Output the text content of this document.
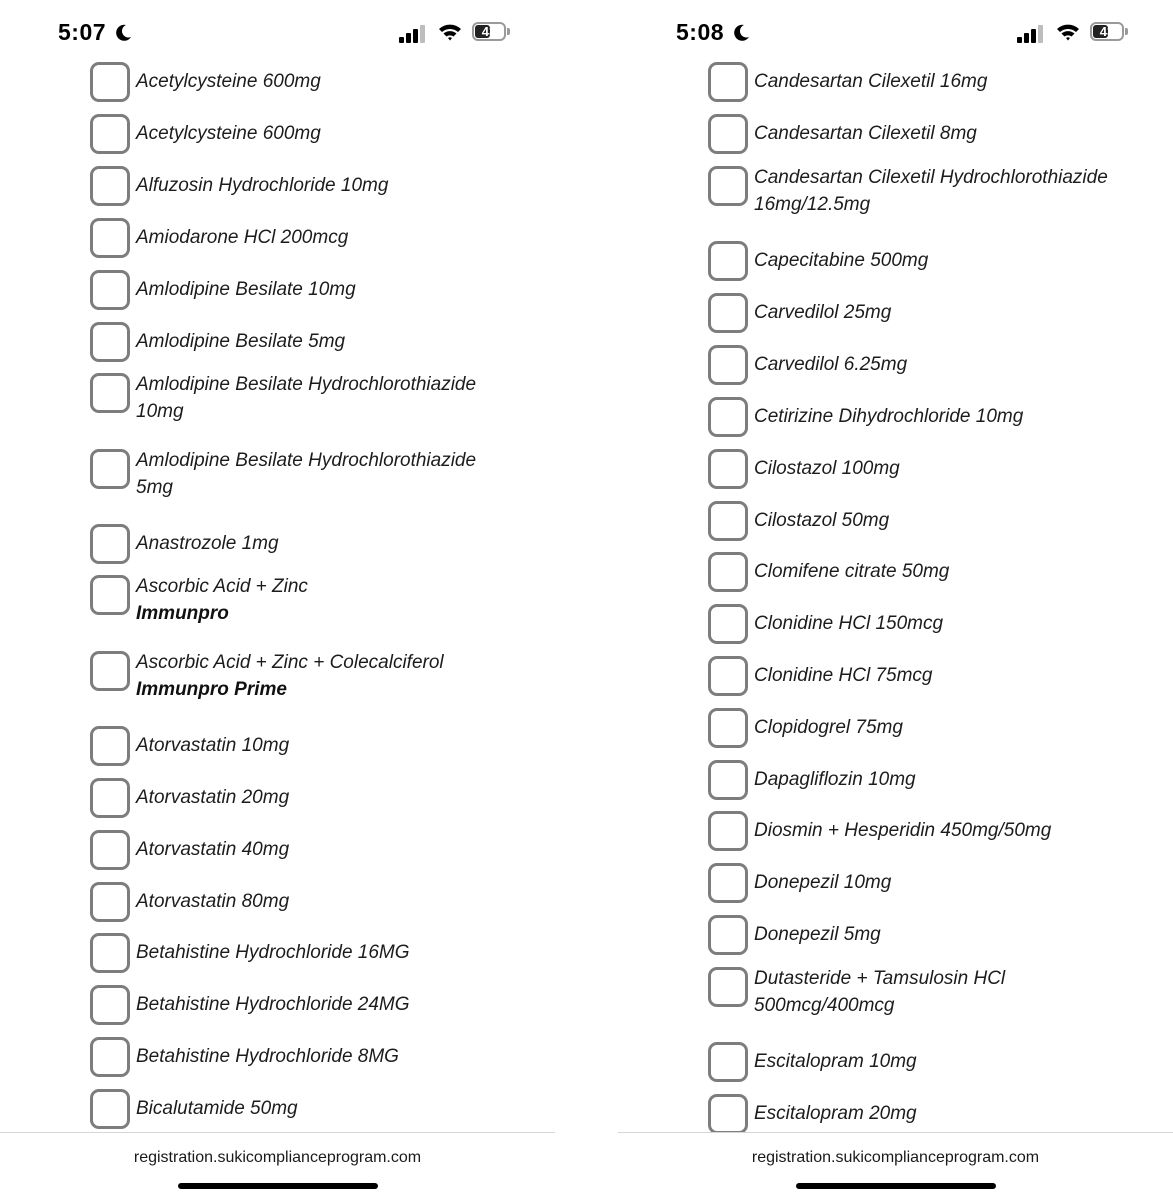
5:07	43
Acetylcysteine 600mg
Acetylcysteine 600mg
Alfuzosin Hydrochloride 10mg
Amiodarone HCl 200mcg
Amlodipine Besilate 10mg
Amlodipine Besilate 5mg
Amlodipine Besilate Hydrochlorothiazide 10mg
Amlodipine Besilate Hydrochlorothiazide 5mg
Anastrozole 1mg
Ascorbic Acid + Zinc
Immunpro
Ascorbic Acid + Zinc + Colecalciferol
Immunpro Prime
Atorvastatin 10mg
Atorvastatin 20mg
Atorvastatin 40mg
Atorvastatin 80mg
Betahistine Hydrochloride 16MG
Betahistine Hydrochloride 24MG
Betahistine Hydrochloride 8MG
Bicalutamide 50mg
registration.sukicomplianceprogram.com
5:08	43
Candesartan Cilexetil 16mg
Candesartan Cilexetil 8mg
Candesartan Cilexetil Hydrochlorothiazide 16mg/12.5mg
Capecitabine 500mg
Carvedilol 25mg
Carvedilol 6.25mg
Cetirizine Dihydrochloride 10mg
Cilostazol 100mg
Cilostazol 50mg
Clomifene citrate 50mg
Clonidine HCl 150mcg
Clonidine HCl 75mcg
Clopidogrel 75mg
Dapagliflozin 10mg
Diosmin + Hesperidin 450mg/50mg
Donepezil 10mg
Donepezil 5mg
Dutasteride + Tamsulosin HCl 500mcg/400mcg
Escitalopram 10mg
Escitalopram 20mg
registration.sukicomplianceprogram.com
